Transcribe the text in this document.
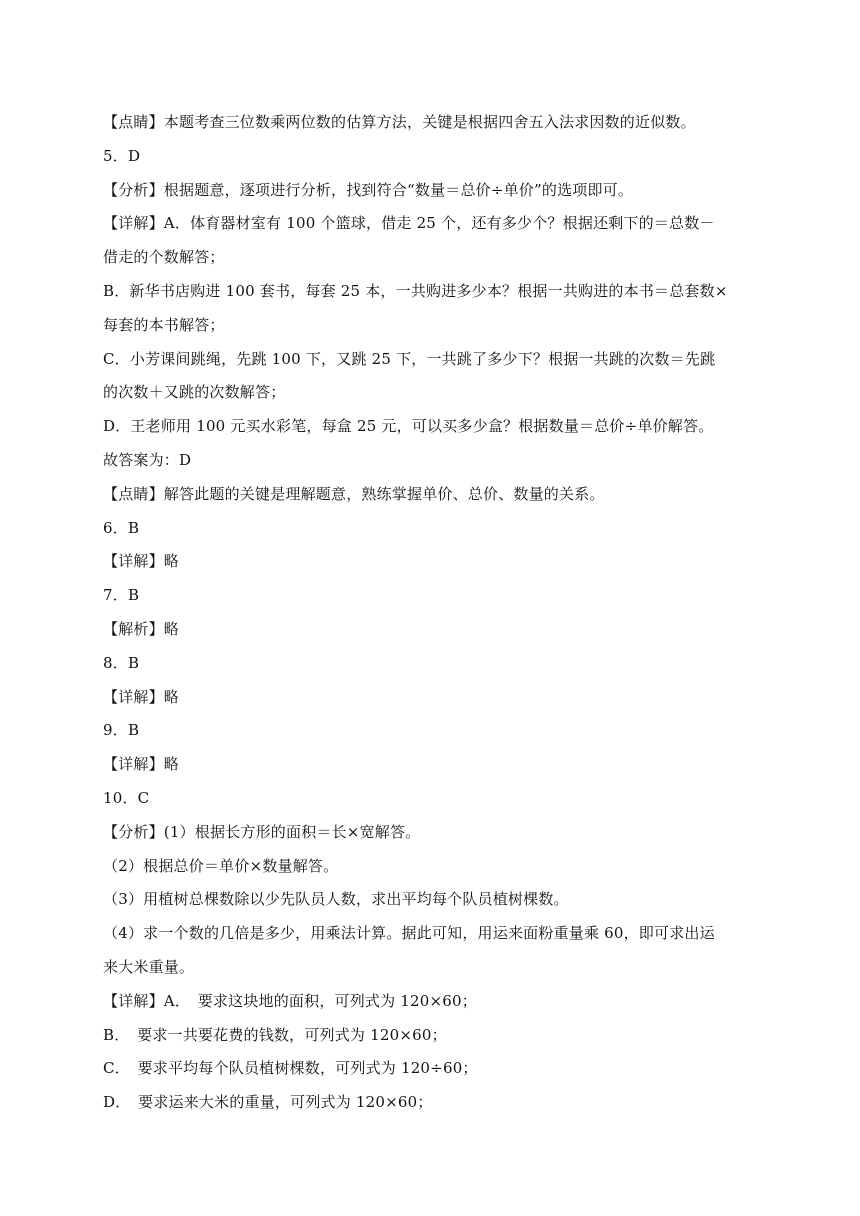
【点睛】本题考查三位数乘两位数的估算方法，关键是根据四舍五入法求因数的近似数。
5．D
【分析】根据题意，逐项进行分析，找到符合“数量＝总价÷单价”的选项即可。
【详解】A．体育器材室有 100 个篮球，借走 25 个，还有多少个？根据还剩下的＝总数－
借走的个数解答；
B．新华书店购进 100 套书，每套 25 本，一共购进多少本？根据一共购进的本书＝总套数×
每套的本书解答；
C．小芳课间跳绳，先跳 100 下，又跳 25 下，一共跳了多少下？根据一共跳的次数＝先跳
的次数＋又跳的次数解答；
D．王老师用 100 元买水彩笔，每盒 25 元，可以买多少盒？根据数量＝总价÷单价解答。
故答案为：D
【点睛】解答此题的关键是理解题意，熟练掌握单价、总价、数量的关系。
6．B
【详解】略
7．B
【解析】略
8．B
【详解】略
9．B
【详解】略
10．C
【分析】(1）根据长方形的面积＝长×宽解答。
（2）根据总价＝单价×数量解答。
（3）用植树总棵数除以少先队员人数，求出平均每个队员植树棵数。
（4）求一个数的几倍是多少，用乘法计算。据此可知，用运来面粉重量乘 60，即可求出运
来大米重量。
【详解】A．　要求这块地的面积，可列式为 120×60；
B．　要求一共要花费的钱数，可列式为 120×60；
C．　要求平均每个队员植树棵数，可列式为 120÷60；
D．　要求运来大米的重量，可列式为 120×60；
